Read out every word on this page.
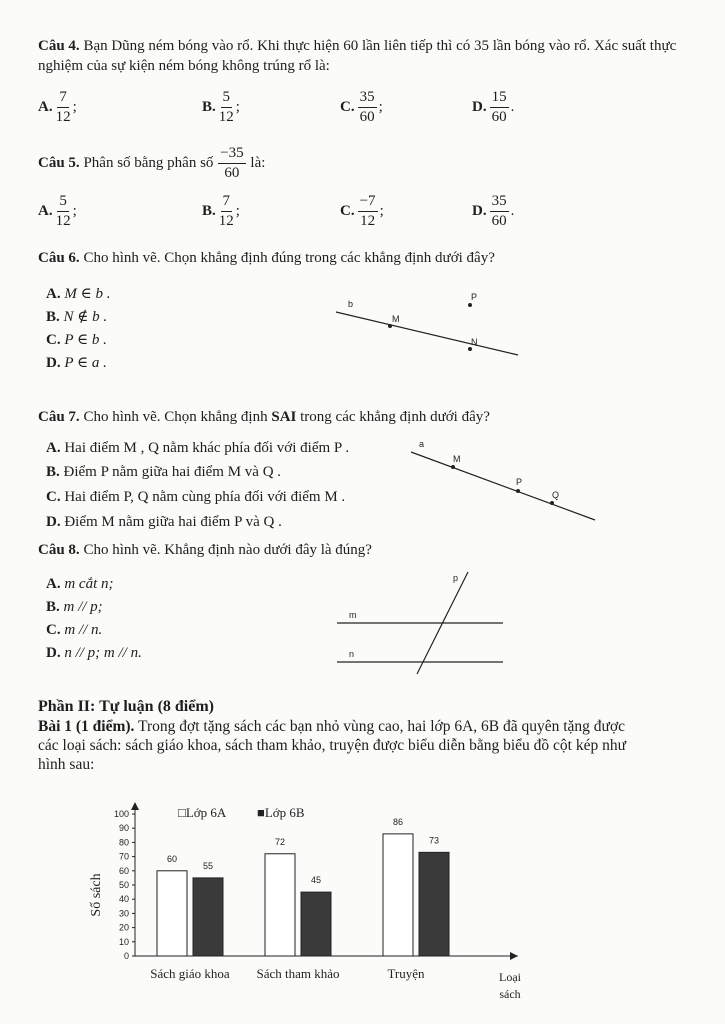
Câu 4. Bạn Dũng ném bóng vào rổ. Khi thực hiện 60 lần liên tiếp thì có 35 lần bóng vào rổ. Xác suất thực nghiệm của sự kiện ném bóng không trúng rổ là:
A. $\frac{7}{12}$ ;	B. $\frac{5}{12}$ ;	C. $\frac{35}{60}$ ;	D. $\frac{15}{60}$ .
Câu 5.
Phân số bằng phân số
$\frac{-35}{60}$
là:
A. $\frac{5}{12}$ ;	B. $\frac{7}{12}$ ;	C. $\frac{-7}{12}$ ;	D. $\frac{35}{60}$ .
Câu 6. Cho hình vẽ. Chọn khẳng định đúng trong các khẳng định dưới đây?
A. M ∈ b .
B. N ∉ b .
C. P ∈ b .
D. P ∈ a .
b
M
N
P
Câu 7. Cho hình vẽ. Chọn khẳng định SAI trong các khẳng định dưới đây?
A. Hai điểm M , Q nằm khác phía đối với điểm P .
B. Điểm P nằm giữa hai điểm M và Q .
C. Hai điểm P, Q nằm cùng phía đối với điểm M .
D. Điểm M nằm giữa hai điểm P và Q .
a
M
P
Q
Câu 8. Cho hình vẽ. Khẳng định nào dưới đây là đúng?
A. m cắt n;
B. m // p;
C. m // n.
D. n // p; m // n.
p
m
n
Phần II: Tự luận (8 điểm)
Bài 1 (1 điểm). Trong đợt tặng sách các bạn nhỏ vùng cao, hai lớp 6A, 6B đã quyên tặng được
các loại sách: sách giáo khoa, sách tham khảo, truyện được biểu diễn bằng biểu đồ cột kép như
hình sau:
0
10
20
30
40
50
60
70
80
90
100
60
55
Sách giáo khoa
72
45
Sách tham khảo
86
73
Truyện
□Lớp 6A ■Lớp 6B
Số sách
Loại
sách
